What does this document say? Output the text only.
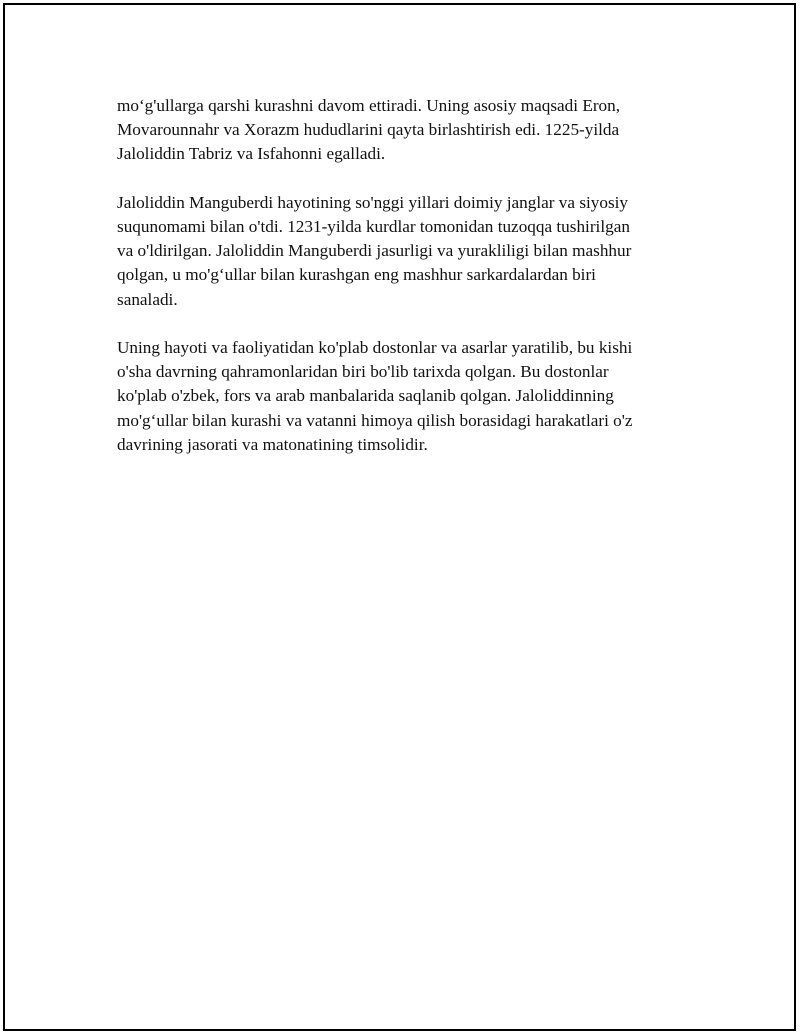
mo‘g'ullarga qarshi kurashni davom ettiradi. Uning asosiy maqsadi Eron,
Movarounnahr va Xorazm hududlarini qayta birlashtirish edi. 1225-yilda
Jaloliddin Tabriz va Isfahonni egalladi.

Jaloliddin Manguberdi hayotining so'nggi yillari doimiy janglar va siyosiy
suqunomami bilan o'tdi. 1231-yilda kurdlar tomonidan tuzoqqa tushirilgan
va o'ldirilgan. Jaloliddin Manguberdi jasurligi va yurakliligi bilan mashhur
qolgan, u mo'g‘ullar bilan kurashgan eng mashhur sarkardalardan biri
sanaladi.

Uning hayoti va faoliyatidan ko'plab dostonlar va asarlar yaratilib, bu kishi
o'sha davrning qahramonlaridan biri bo'lib tarixda qolgan. Bu dostonlar
ko'plab o'zbek, fors va arab manbalarida saqlanib qolgan. Jaloliddinning
mo'g‘ullar bilan kurashi va vatanni himoya qilish borasidagi harakatlari o'z
davrining jasorati va matonatining timsolidir.
